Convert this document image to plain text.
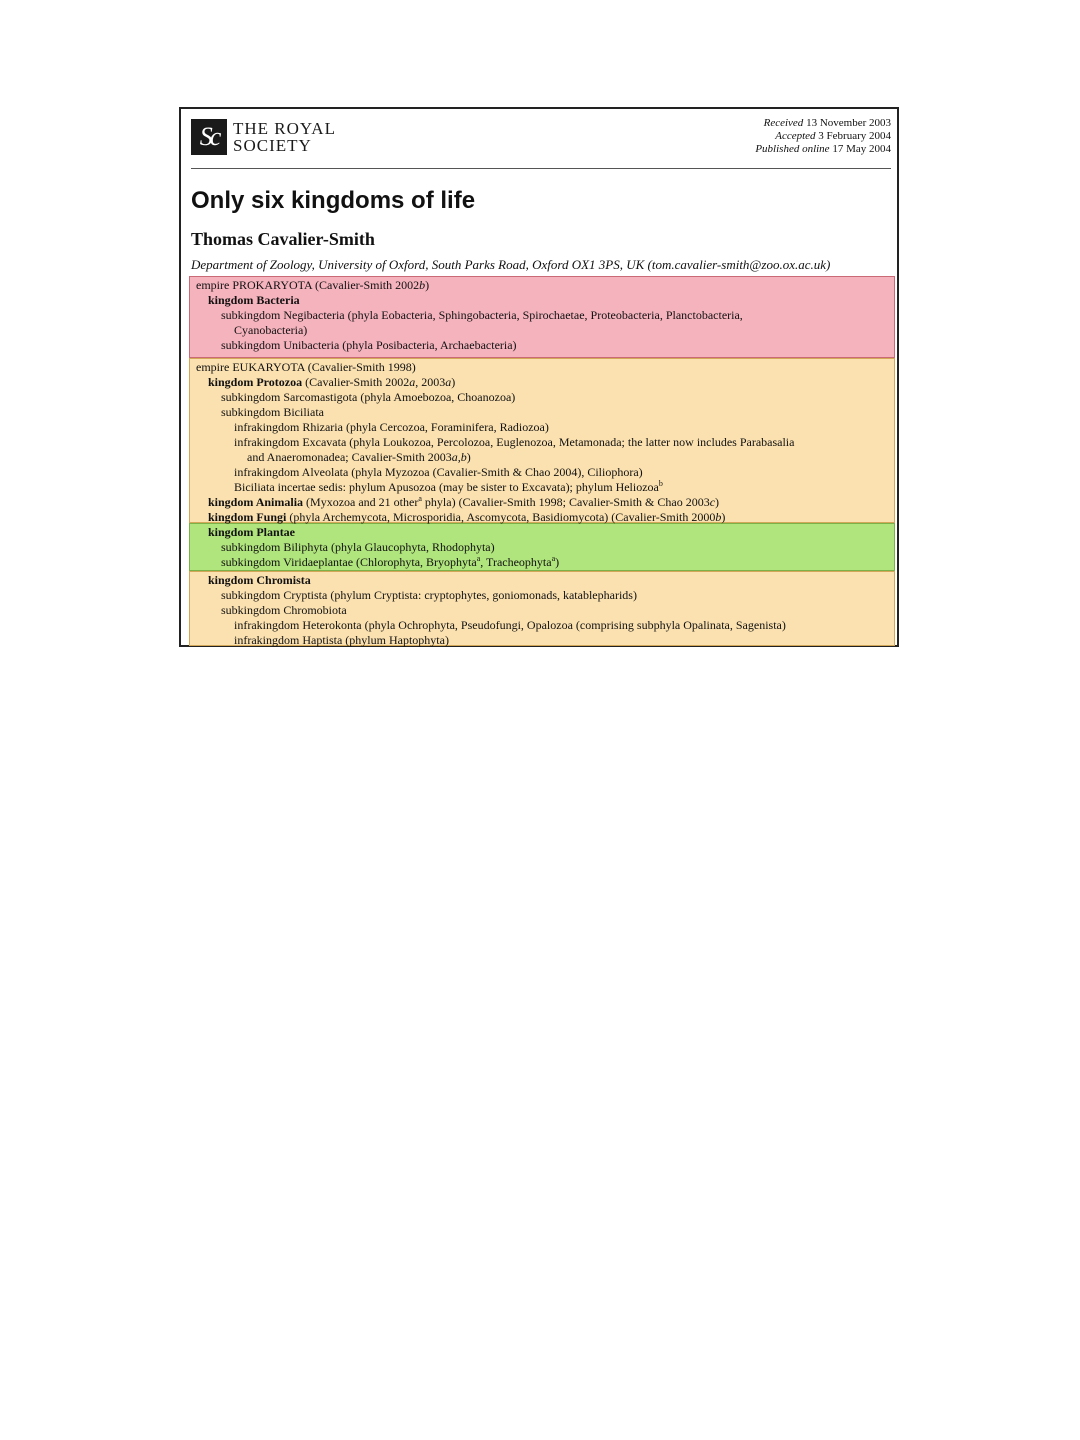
Sc THE ROYAL
SOCIETY
Received 13 November 2003
Accepted 3 February 2004
Published online 17 May 2004
Only six kingdoms of life
Thomas Cavalier-Smith
Department of Zoology, University of Oxford, South Parks Road, Oxford OX1 3PS, UK (tom.cavalier-smith@zoo.ox.ac.uk)
empire PROKARYOTA (Cavalier-Smith 2002b)
kingdom Bacteria
subkingdom Negibacteria (phyla Eobacteria, Sphingobacteria, Spirochaetae, Proteobacteria, Planctobacteria,
Cyanobacteria)
subkingdom Unibacteria (phyla Posibacteria, Archaebacteria)
empire EUKARYOTA (Cavalier-Smith 1998)
kingdom Protozoa (Cavalier-Smith 2002a, 2003a)
subkingdom Sarcomastigota (phyla Amoebozoa, Choanozoa)
subkingdom Biciliata
infrakingdom Rhizaria (phyla Cercozoa, Foraminifera, Radiozoa)
infrakingdom Excavata (phyla Loukozoa, Percolozoa, Euglenozoa, Metamonada; the latter now includes Parabasalia
and Anaeromonadea; Cavalier-Smith 2003a,b)
infrakingdom Alveolata (phyla Myzozoa (Cavalier-Smith & Chao 2004), Ciliophora)
Biciliata incertae sedis: phylum Apusozoa (may be sister to Excavata); phylum Heliozoa$^b$
kingdom Animalia (Myxozoa and 21 other$^a$ phyla) (Cavalier-Smith 1998; Cavalier-Smith & Chao 2003c)
kingdom Fungi (phyla Archemycota, Microsporidia, Ascomycota, Basidiomycota) (Cavalier-Smith 2000b)
kingdom Plantae
subkingdom Biliphyta (phyla Glaucophyta, Rhodophyta)
subkingdom Viridaeplantae (Chlorophyta, Bryophyta$^a$, Tracheophyta$^a$)
kingdom Chromista
subkingdom Cryptista (phylum Cryptista: cryptophytes, goniomonads, katablepharids)
subkingdom Chromobiota
infrakingdom Heterokonta (phyla Ochrophyta, Pseudofungi, Opalozoa (comprising subphyla Opalinata, Sagenista)
infrakingdom Haptista (phylum Haptophyta)
